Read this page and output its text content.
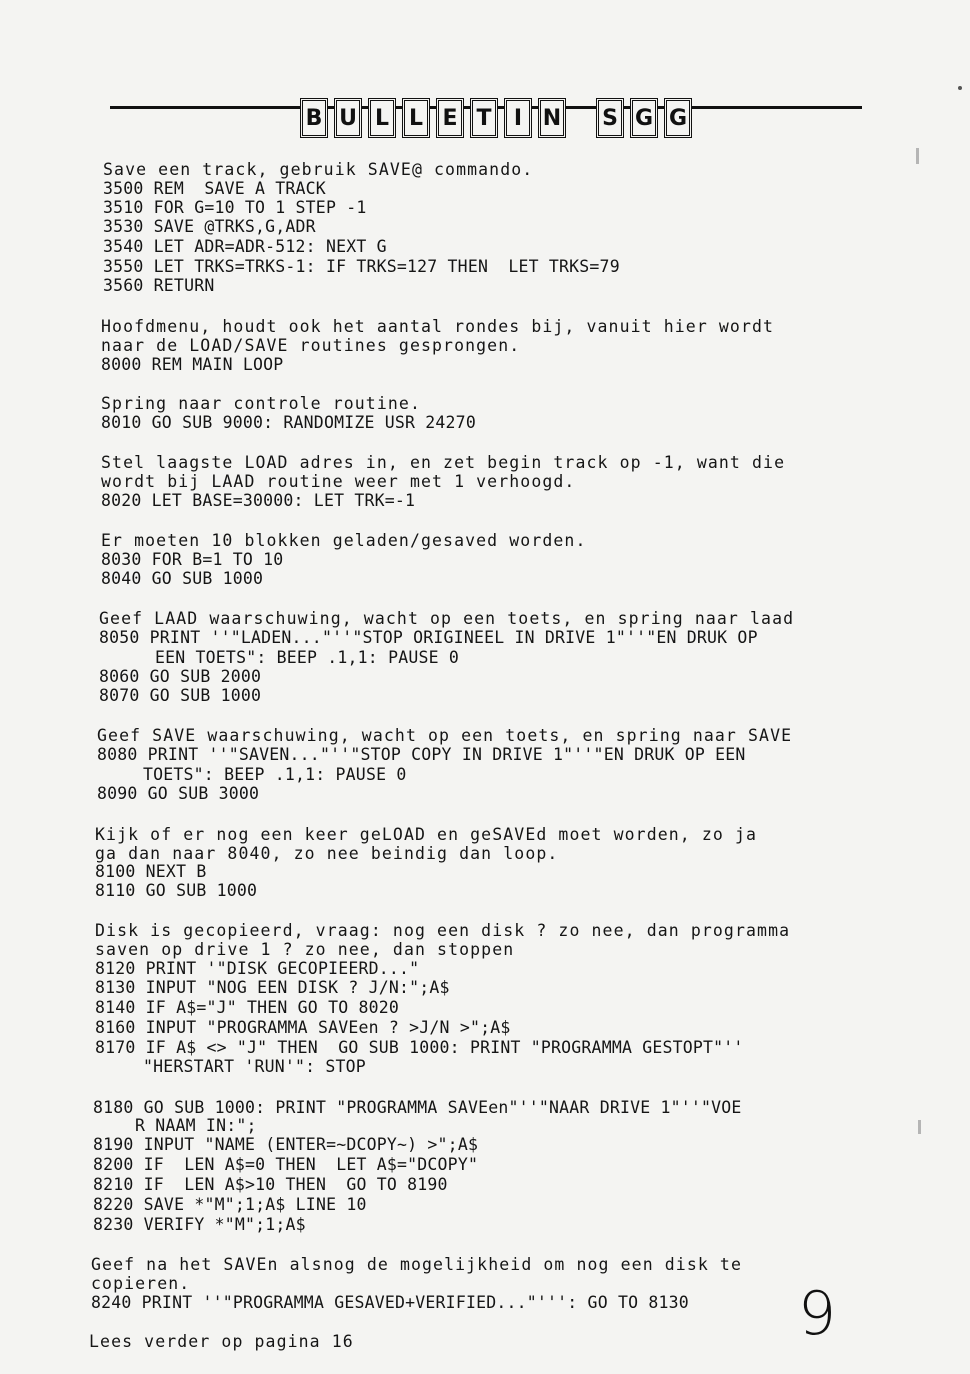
B U L L E T	I N S G G
Save een track, gebruik SAVE@ commando.
3500 REM  SAVE A TRACK
3510 FOR G=10 TO 1 STEP -1
3530 SAVE @TRKS,G,ADR
3540 LET ADR=ADR-512: NEXT G
3550 LET TRKS=TRKS-1: IF TRKS=127 THEN  LET TRKS=79
3560 RETURN
Hoofdmenu, houdt ook het aantal rondes bij, vanuit hier wordt
naar de LOAD/SAVE routines gesprongen.
8000 REM MAIN LOOP
Spring naar controle routine.
8010 GO SUB 9000: RANDOMIZE USR 24270
Stel laagste LOAD adres in, en zet begin track op -1, want die
wordt bij LAAD routine weer met 1 verhoogd.
8020 LET BASE=30000: LET TRK=-1
Er moeten 10 blokken geladen/gesaved worden.
8030 FOR B=1 TO 10
8040 GO SUB 1000
Geef LAAD waarschuwing, wacht op een toets, en spring naar laad
8050 PRINT ''"LADEN..."''"STOP ORIGINEEL IN DRIVE 1"''"EN DRUK OP
EEN TOETS": BEEP .1,1: PAUSE 0
8060 GO SUB 2000
8070 GO SUB 1000
Geef SAVE waarschuwing, wacht op een toets, en spring naar SAVE
8080 PRINT ''"SAVEN..."''"STOP COPY IN DRIVE 1"''"EN DRUK OP EEN
TOETS": BEEP .1,1: PAUSE 0
8090 GO SUB 3000
Kijk of er nog een keer geLOAD en geSAVEd moet worden, zo ja
ga dan naar 8040, zo nee beindig dan loop.
8100 NEXT B
8110 GO SUB 1000
Disk is gecopieerd, vraag: nog een disk ? zo nee, dan programma
saven op drive 1 ? zo nee, dan stoppen
8120 PRINT '"DISK GECOPIEERD..."
8130 INPUT "NOG EEN DISK ? J/N:";A$
8140 IF A$="J" THEN GO TO 8020
8160 INPUT "PROGRAMMA SAVEen ? >J/N >";A$
8170 IF A$ <> "J" THEN  GO SUB 1000: PRINT "PROGRAMMA GESTOPT"''
"HERSTART 'RUN'": STOP
8180 GO SUB 1000: PRINT "PROGRAMMA SAVEen"''"NAAR DRIVE 1"''"VOE
R NAAM IN:";
8190 INPUT "NAME (ENTER=~DCOPY~) >";A$
8200 IF  LEN A$=0 THEN  LET A$="DCOPY"
8210 IF  LEN A$>10 THEN  GO TO 8190
8220 SAVE *"M";1;A$ LINE 10
8230 VERIFY *"M";1;A$
Geef na het SAVEn alsnog de mogelijkheid om nog een disk te
copieren.
8240 PRINT ''"PROGRAMMA GESAVED+VERIFIED..."''': GO TO 8130
Lees verder op pagina 16	9
